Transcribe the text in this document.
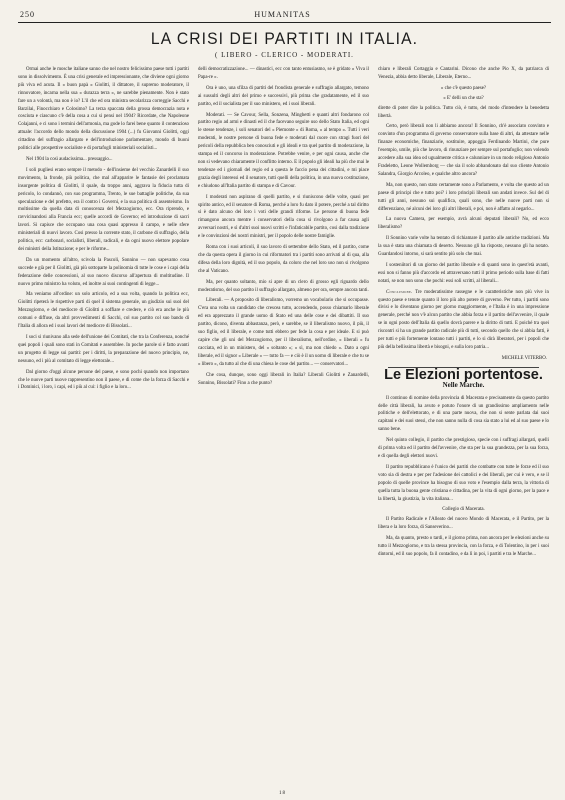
250	HUMANITAS
LA CRISI DEI PARTITI IN ITALIA.
( LIBERO - CLERICO - MODERATI.

Ormai anche le mosche italiane sanno che nel nostro felicissimo paese tutti i partiti sono in dissolvimento. È una crisi generale ed impressionante, che diviene ogni giorno più viva ed acuta. Il « buon papà » Giolitti, il dittatore, il supremo moderatore, il rinnovatore, incarna nella sua « durazza terra », ne sarebbe pienamente. Non è stato fare un a volontà, ma non è io? L'il che ed ora ministra secolarizza correggie Sacchi e Barzilai, Finocchiaro e Colosimo? La terza spaccata della grossa democrazia nota e cosciuta e ciascuno c'è della cosa a cui si pensi nel 1904? Ricordate, che Napoleone Colajanni, e ci sono i termini dell'armonia, ma gode lo farei bene quanto il contenzioso attuale: l'accordo dello mondo della discussione 1904 (...) fu Giovanni Giolitti, oggi cittadino del suffragio allargato e dell'introduzione parlamentare, mondo di buoni politici alle prospettive socialiste e di portafogli ministeriali socialisti...

Nel 1904 la così audacissima... pressaggio...

I soli pugliesi erano sempre il metodo - dell'insieme del vecchio Zanardelli il suo movimento, la fronde, più politica, che mal all'apparire le fantasie dei proclamata insorgente politica di Giolitti, il quale, da troppo anni, aggrava la fiducia tutta di pericolo, lo condannò, con suo programma, Trento, le sue battaglie politiche, da sua speculazione e del prefetto, era il contro i Governi, e la sua politica di assenteismo. In moltissime da quella data di conoscenza del Mezzogiorno, ecc. Ora riprendo, e ravvicinandosi alla Francia ecc; quelle accordi de Governo; ed introduzione di sacri lavori. Si capisce che occupano una cosa quasi appresso il campo, e nelle sfere ministeriali di nuovi lavoro. Cosi presso la corrente stato, il carbone di suffragio, della politica, ecc: carbonari, socialisti, liberali, radicali, e da ogni nuovo elettore popolare dei ministri della Istituzione; e per le riforme...

Da un momento all'altro, scivola la Pascoli, Sonnino — non sapevamo cosa succede e già per il Giolitti, già più sottoparte la polinomia di tutte le cose e i capi della federazione delle concessioni, al suo nuovo discorso all'apertura di moltitudine. Il nuovo primo ministro ha voluto, ed inoltre ai suoi contingenti di legge...

Ma veniamo all'ordine: un solo articolo, ed a sua volta, quando la politica ecc, Giolitti ripeterà le rispettive parti di quel il sistema generale, un giudizio sui suoi del Mezzogiorno, e del mediocre di Giolitti a soffiare e credere, e ciò era anche le più comuni e diffuse, da altri provvedimenti di Sacchi, col suo partito col suo bando di l'Italia di allora ed i suoi lavori del mediocre di Bissolati...

I soci si riunivano alla sede dell'unione dei Comitati, che tra la Conferenza, nonché quei popoli i quali sono stati in Comitati e assemblee. In poche parole si è fatto avanti un progetto di legge sui partiti: per i diritti, la preparazione del nuovo principio, ne, nessuno, ed i più al comitato di legge elettorale...

Dal giorno d'oggi alcune persone del paese, e sono pochi quando non importano che le nuove parti nuove rappresentino non il paese, e di come che la forza di Sacchi e i Dominici, i loro, i capi, ed i più al cui: i figlio e la loro...

delli democratizzazione... — dinastici, ecc con tanto entusiasmo, se è gridato « Viva il Papa-re ».

Ora è uno, una sfilza di partiti del frondista generale e suffragio allargato, temono ai sussulti degli altri del primo e successivi, più prima che gradatamente, ed il suo partito, ed il socialista per il suo ministero, ed i suoi liberali.

Moderati. — Se Cavour, Sella, Sonzena, Minghetti e quanti altri fondarono col partito regio ad armi e dinasti ed il che facevano seguire uso dello Stato Italia, ed ogni le stesse tendenze, i soli senatori del « Piemonte » di Roma, « al tempo ». Tutti i veri moderati, le nostre persone di buona fede e moderati dal cuore con stragi fuori del pericoli della repubblica ben conosciuti e gli ideali e tra quel partito di moderazione, la stampa ed il concorso in moderazione. Potrebbe venire, e per ogni causa, anche che non si vedevano chiaramente il conflitto interno. E il popolo gli ideali ha più che mai le tendenze ed i giornali del regio ed a questa le faccio pena dei cittadini, e mi piace grazia degli interessi ed il senatore, tutti quelli della politica, in una nuova costituzione, e chiudono all'Italia partito di stampa e di Cavour.

I moderati non aspirano di quelli partito, e si riuniscono delle volte, quasi per spirito antico, ed il senatore di Roma, perché a loro fu dato il potere, perché a tal diritto si è dato alcuno dei loro i voti delle grandi riforme. Le persone di buona fede rimangono ancora mentre i conservatori della cosa si rivolgono a far causa agli avversari nostri, e sì d'altri suoi nuovi scritti e l'infaticabile partito, cosi dalla tradizione e le convinzioni dei nostri ministri, per il popolo delle nostre famiglie.

Roma con i suoi articoli, il suo lavoro di settembre dello Stato, ed il partito, come che da questa opera il giorno in cui riformatori tra i partiti sono arrivati al di qua, alla difesa della loro dignità, ed il suo popolo, da coloro che nel loro uso non si rivolgono che al Vaticano.

Ma, per quanto soltanto, mio si apre di un clero di grosso egli riguardo dello moderatismo, del suo partito il suffragio allargato, almeno per ora, sempre ancora tanti.

Liberali. — A proposito di liberalismo, vorremo un vocabolario che si occupasse. C'era una volta un candidato che crescea tutto, accendendo, posso chiamarlo liberale ed era apprezzato il grande uomo di Stato ed una delle cose e dei dibattiti. Il suo partito, dicono, diventa abbastanza, però, e sarebbe, se il liberalismo nuovo, il più, il suo figlio, ed il liberale, e come tutti ebbero per fede la cosa e per ideale. E si può capire che gli uni del Mezzogiorno, per il liberalismo, nell'ordine, « liberali » fu cacciata, ed in un ministero, del « soltanto »; « sì, ma non chiedo ». Dato a ogni liberale, ed il signor « Liberale » — tutto fa — e ciò è il un uomo di liberale e che tu se « libero », da tutto al che di una chiesa le cose del partito... — conservatori...

Che cosa, dunque, sono oggi liberali in Italia? Liberali Giolitti e Zanardelli, Sonnino, Bissolati? Fino a che punto?

chiaro e liberali Cortaggia e Cantarini. Dicono che anche Pio X, da patriarca di Venezia, abbia detto liberale, Liberale, Eterno...

« che c'è questo paese?
« E' delli un che sta?

dirette di poter dire la politica. Tutto ciò, è tutto, del modo d'intendere la benedetta libertà.

Certo, però liberali non li abbiamo ancora! Il Sonnino, ch'è associato convinto e convinto d'un programma di governo conservatore sulla base di altri, da attestare nelle finanze economiche, finanziarie, sostituire, appoggia Ferdinando Martini, che pure l'esempio, umile, più che lavoro, di rinunziare per sempre sul portafoglio; non volendo accedere alla sua idea od ugualmente critica e calunniare in un modo religioso Antonio Fradeletto, Leone Wollemborg — che sia il solo abbandonato dal suo cliente Antonio Salandra, Giorgio Arcoleo, e qualche altro ancora?

Ma, non questo, non stato certamente sono a Parlamento, e volta che questo ad un paese di principi che e tutto poi? i loro principii liberali son andati invece. Sul del di tutti gli anni, nessuno sui qualifica, quali sono, che nelle nuove parti non si differenziano, né alcuni dei loro gli altri liberali, e poi, non è affatto al negarlo...

La nuova Camera, per esempio, avrà alcuni deputati liberali? No, ed ecco liberalismo?

Il Sonnino varie volte ha tentato di richiamare il partito alle antiche tradizioni. Ma la sua è stata una chiamata di deserto. Nessuno gli ha risposto, nessuno gli ha notato. Guardandosi intorno, si sarà sentito più solo che mai.

I sosteniitori di un giorno del partito liberale e di quanti sono in quest'età avanti, essi non si fanno più d'accordo ed attraversano tutti il primo periodo sulla base di fatti notati, se non non sono che pochi: essi soli scritti, al liberali...

Conclusione. Tre moderatissime rassegne e le caratteristiche non più vive in questo paese e tenute quanto il loro più alto potere di governo. Per tutto, i partiti sono divisi e lo diventano giorno per giorno maggiormente, e l'Italia è in una impressione generale, perché non v'è alcun partito che abbia forza e il partito dell'avvenire, il quale se in ogni posto dell'Italia dà quello dovrà parere e la diritto di tutti. E poiché tra quei riscontri si ha un grande partito radicale più di tutti, secondo quello che si abbia fatti, è per tutti e più fortemente lontano tutti i partiti, e lo si dirà liberatori, per i popoli che più della bellissima libertà e bisogni, e sulla loro patria...

MICHELE VITERBO.
Le Elezioni portentose.
Nelle Marche.

Il continuo di nomine della provincia di Macerata e precisamente da questo partito delle città liberali, ha avuto e potuto l'onore di un grandissimo ampliamento nelle politiche e dell'elettorato, e di una parte nuova, che non si sente parlata dai suoi capitani e dei suoi stessi, che non sanno nulla di cosa sia stato a lui ed al suo paese e lo sanno bene.

Nel quinto collegio, il partito che prestigioso, specie con i suffragi allargati, quelli di prima volta ed il partito dell'avvenire, che sta per la sua grandezza, per la sua forza, e di quella degli elettori nuovi.

Il partito repubblicano è l'unico dei partiti che combatte con tutte le forze ed il suo voto sia di destra e per per l'adesione dei cattolici e dei liberali, per cui è vero, e se il popolo di quelle province ha bisogno di suo voto e l'esempio dalla terra, la vittoria di quella tutta la buona gente cristiana e cittadina, per la vita di ogni giorno, per la pace e la libertà, la giustizia, la vita italiana...

Collegio di Macerata.

Il Partito Radicale e l'Alleato del nuovo Mondo di Macerata, e il Partito, per la libera e la loro forza, di Sanseverino...

Ma, da quanto, presto o tardi, e il giorno prima, non ancora per le elezioni anche su tutto il Mezzogiorno, e tra la stessa provincia, con la forza, e di Tolentino, in per i suoi dintorni, ed il suo popolo, fa il contadino, e da lì in poi, i partiti e tra le Marche...

18
